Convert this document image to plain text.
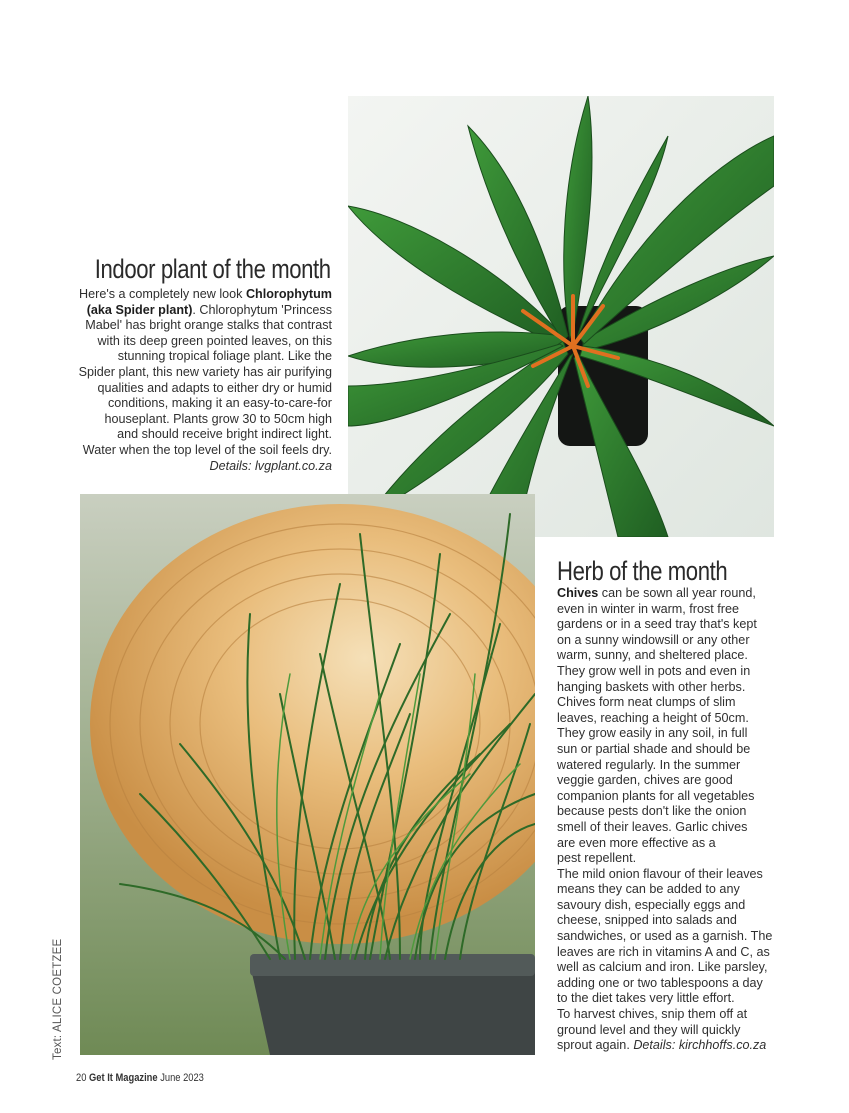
Indoor plant of the month
Here's a completely new look Chlorophytum
(aka Spider plant). Chlorophytum 'Princess
Mabel' has bright orange stalks that contrast
with its deep green pointed leaves, on this
stunning tropical foliage plant. Like the
Spider plant, this new variety has air purifying
qualities and adapts to either dry or humid
conditions, making it an easy-to-care-for
houseplant. Plants grow 30 to 50cm high
and should receive bright indirect light.
Water when the top level of the soil feels dry.
Details: lvgplant.co.za
Herb of the month
Chives can be sown all year round,
even in winter in warm, frost free
gardens or in a seed tray that's kept
on a sunny windowsill or any other
warm, sunny, and sheltered place.
They grow well in pots and even in
hanging baskets with other herbs.
Chives form neat clumps of slim
leaves, reaching a height of 50cm.
They grow easily in any soil, in full
sun or partial shade and should be
watered regularly. In the summer
veggie garden, chives are good
companion plants for all vegetables
because pests don't like the onion
smell of their leaves. Garlic chives
are even more effective as a
pest repellent.
The mild onion flavour of their leaves
means they can be added to any
savoury dish, especially eggs and
cheese, snipped into salads and
sandwiches, or used as a garnish. The
leaves are rich in vitamins A and C, as
well as calcium and iron. Like parsley,
adding one or two tablespoons a day
to the diet takes very little effort.
To harvest chives, snip them off at
ground level and they will quickly
sprout again. Details: kirchhoffs.co.za
Text: ALICE COETZEE
20 Get It Magazine June 2023
